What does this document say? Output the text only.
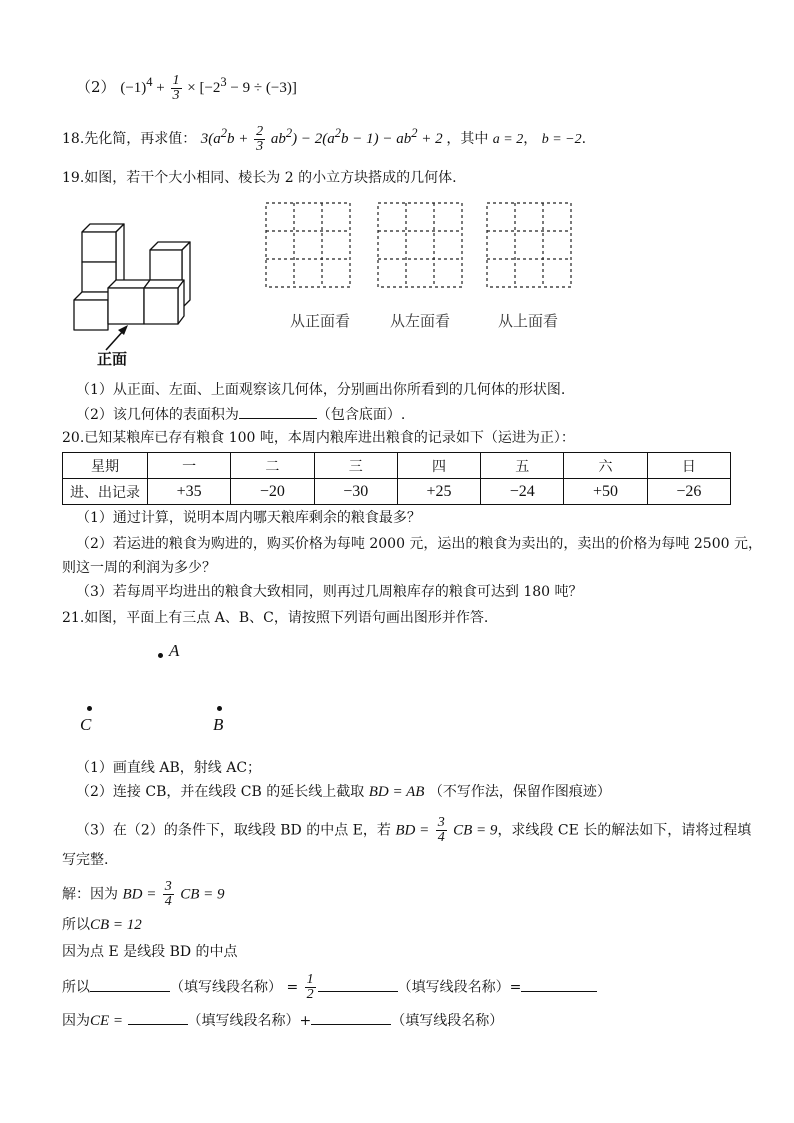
（2） $(-1)^4 + \frac{1}{3} \times [-2^3 - 9 \div (-3)]$
18.先化简，再求值： $3(a^2b + \frac{2}{3} ab^2) - 2(a^2b - 1) - ab^2 + 2$ ，其中 a = 2， b = −2.
19.如图，若干个大小相同、棱长为 2 的小立方块搭成的几何体.
正面
从正面看	从左面看	从上面看
（1）从正面、左面、上面观察该几何体，分别画出你所看到的几何体的形状图.
（2）该几何体的表面积为	（包含底面）.
20.已知某粮库已存有粮食 100 吨，本周内粮库进出粮食的记录如下（运进为正）：
星期	一	二	三	四	五	六	日
进、出记录	+35	−20	−30	+25	−24	+50	−26
（1）通过计算，说明本周内哪天粮库剩余的粮食最多？
（2）若运进的粮食为购进的，购买价格为每吨 2000 元，运出的粮食为卖出的，卖出的价格为每吨 2500 元，
则这一周的利润为多少？
（3）若每周平均进出的粮食大致相同，则再过几周粮库存的粮食可达到 180 吨？
21.如图，平面上有三点 A、B、C，请按照下列语句画出图形并作答.
A
C	B
（1）画直线 AB，射线 AC；
（2）连接 CB，并在线段 CB 的延长线上截取 BD = AB （不写作法，保留作图痕迹）
（3）在（2）的条件下，取线段 BD 的中点 E，若 BD = $\frac{3}{4}$ CB = 9，求线段 CE 长的解法如下，请将过程填
写完整.
解：因为 BD = $\frac{3}{4}$ CB = 9
所以CB = 12
因为点 E 是线段 BD 的中点
所以	（填写线段名称） = $\frac{1}{2}$	（填写线段名称）=
因为CE =	（填写线段名称）+	（填写线段名称）
